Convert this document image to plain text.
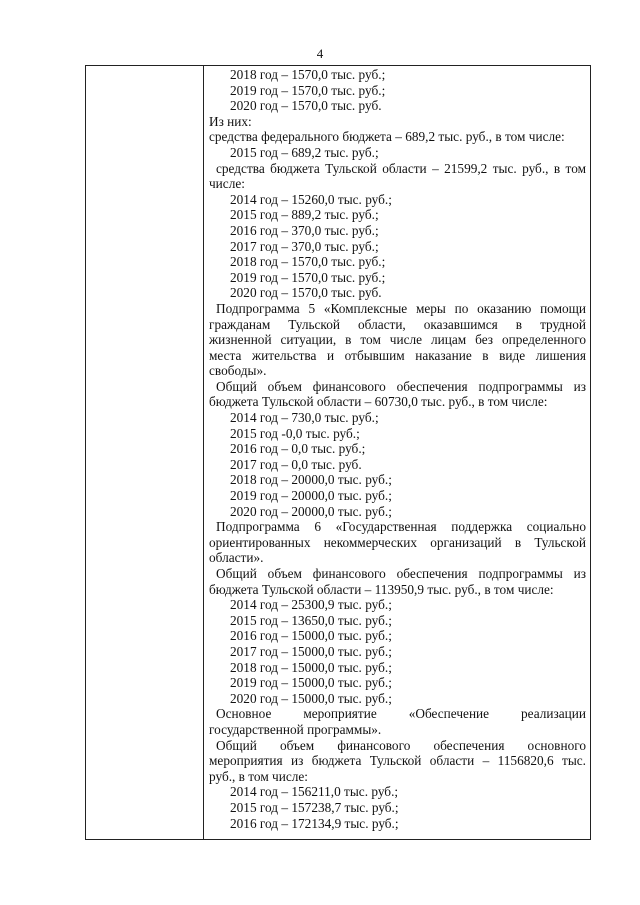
4
2018 год – 1570,0 тыс. руб.;
2019 год – 1570,0 тыс. руб.;
2020 год – 1570,0 тыс. руб.
Из них:
средства федерального бюджета – 689,2 тыс. руб., в том числе:
2015 год – 689,2 тыс. руб.;
средства бюджета Тульской области – 21599,2 тыс. руб., в том
числе:
2014 год – 15260,0 тыс. руб.;
2015 год – 889,2 тыс. руб.;
2016 год – 370,0 тыс. руб.;
2017 год – 370,0 тыс. руб.;
2018 год – 1570,0 тыс. руб.;
2019 год – 1570,0 тыс. руб.;
2020 год – 1570,0 тыс. руб.
Подпрограмма 5 «Комплексные меры по оказанию помощи
гражданам Тульской области, оказавшимся в трудной
жизненной ситуации, в том числе лицам без определенного
места жительства и отбывшим наказание в виде лишения
свободы».
Общий объем финансового обеспечения подпрограммы из
бюджета Тульской области – 60730,0 тыс. руб., в том числе:
2014 год – 730,0 тыс. руб.;
2015 год -0,0 тыс. руб.;
2016 год – 0,0 тыс. руб.;
2017 год – 0,0 тыс. руб.
2018 год – 20000,0 тыс. руб.;
2019 год – 20000,0 тыс. руб.;
2020 год – 20000,0 тыс. руб.;
Подпрограмма 6 «Государственная поддержка социально
ориентированных некоммерческих организаций в Тульской
области».
Общий объем финансового обеспечения подпрограммы из
бюджета Тульской области – 113950,9 тыс. руб., в том числе:
2014 год – 25300,9 тыс. руб.;
2015 год – 13650,0 тыс. руб.;
2016 год – 15000,0 тыс. руб.;
2017 год – 15000,0 тыс. руб.;
2018 год – 15000,0 тыс. руб.;
2019 год – 15000,0 тыс. руб.;
2020 год – 15000,0 тыс. руб.;
Основное мероприятие «Обеспечение реализации
государственной программы».
Общий объем финансового обеспечения основного
мероприятия из бюджета Тульской области – 1156820,6 тыс.
руб., в том числе:
2014 год – 156211,0 тыс. руб.;
2015 год – 157238,7 тыс. руб.;
2016 год – 172134,9 тыс. руб.;
